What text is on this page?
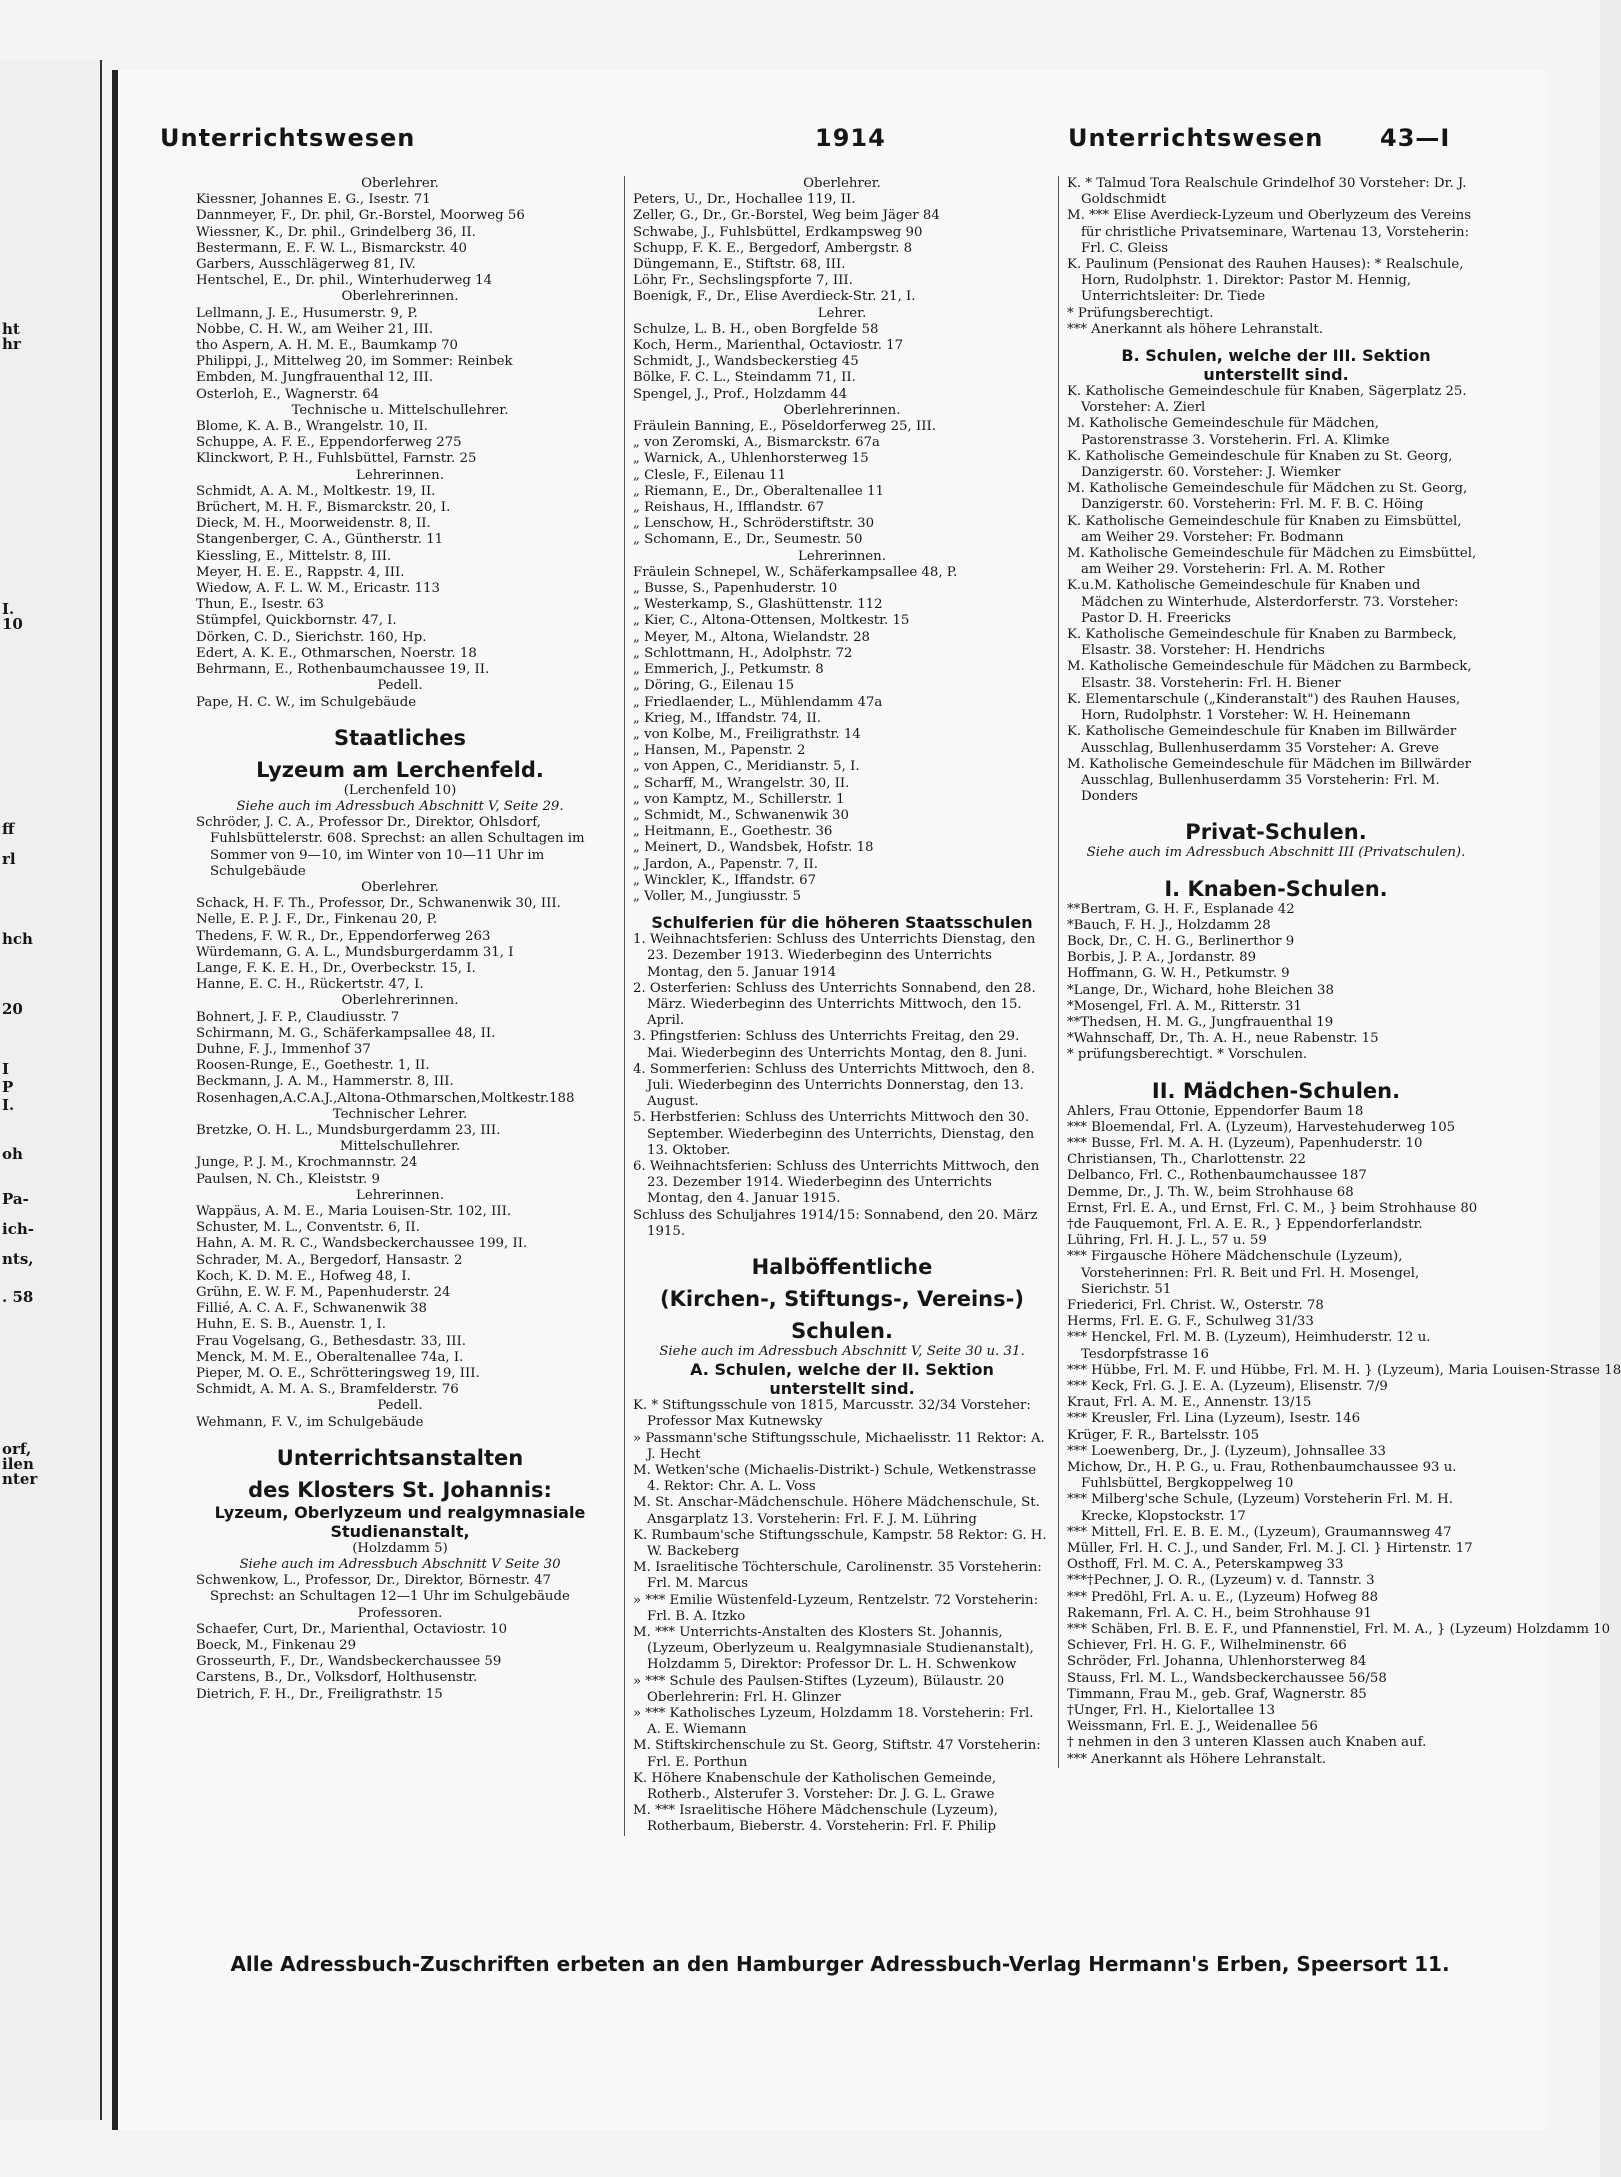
ht
hr
I.
10
ff
rl
hch
20
I
P
I.
oh
Pa-
ich-
nts,
. 58
orf,
ilen
nter
Unterrichtswesen	1914	Unterrichtswesen 43—I
Oberlehrer.
Kiessner, Johannes E. G., Isestr. 71
Dannmeyer, F., Dr. phil, Gr.-Borstel, Moorweg 56
Wiessner, K., Dr. phil., Grindelberg 36, II.
Bestermann, E. F. W. L., Bismarckstr. 40
Garbers, Ausschlägerweg 81, IV.
Hentschel, E., Dr. phil., Winterhuderweg 14
Oberlehrerinnen.
Lellmann, J. E., Husumerstr. 9, P.
Nobbe, C. H. W., am Weiher 21, III.
tho Aspern, A. H. M. E., Baumkamp 70
Philippi, J., Mittelweg 20, im Sommer: Reinbek
Embden, M. Jungfrauenthal 12, III.
Osterloh, E., Wagnerstr. 64
Technische u. Mittelschullehrer.
Blome, K. A. B., Wrangelstr. 10, II.
Schuppe, A. F. E., Eppendorferweg 275
Klinckwort, P. H., Fuhlsbüttel, Farnstr. 25
Lehrerinnen.
Schmidt, A. A. M., Moltkestr. 19, II.
Brüchert, M. H. F., Bismarckstr. 20, I.
Dieck, M. H., Moorweidenstr. 8, II.
Stangenberger, C. A., Güntherstr. 11
Kiessling, E., Mittelstr. 8, III.
Meyer, H. E. E., Rappstr. 4, III.
Wiedow, A. F. L. W. M., Ericastr. 113
Thun, E., Isestr. 63
Stümpfel, Quickbornstr. 47, I.
Dörken, C. D., Sierichstr. 160, Hp.
Edert, A. K. E., Othmarschen, Noerstr. 18
Behrmann, E., Rothenbaumchaussee 19, II.
Pedell.
Pape, H. C. W., im Schulgebäude
Staatliches
Lyzeum am Lerchenfeld.
(Lerchenfeld 10)
Siehe auch im Adressbuch Abschnitt V, Seite 29.
Schröder, J. C. A., Professor Dr., Direktor, Ohlsdorf, Fuhlsbüttelerstr. 608. Sprechst: an allen Schultagen im Sommer von 9—10, im Winter von 10—11 Uhr im Schulgebäude
Oberlehrer.
Schack, H. F. Th., Professor, Dr., Schwanenwik 30, III.
Nelle, E. P. J. F., Dr., Finkenau 20, P.
Thedens, F. W. R., Dr., Eppendorferweg 263
Würdemann, G. A. L., Mundsburgerdamm 31, I
Lange, F. K. E. H., Dr., Overbeckstr. 15, I.
Hanne, E. C. H., Rückertstr. 47, I.
Oberlehrerinnen.
Bohnert, J. F. P., Claudiusstr. 7
Schirmann, M. G., Schäferkampsallee 48, II.
Duhne, F. J., Immenhof 37
Roosen-Runge, E., Goethestr. 1, II.
Beckmann, J. A. M., Hammerstr. 8, III.
Rosenhagen,A.C.A.J.,Altona-Othmarschen,Moltkestr.188
Technischer Lehrer.
Bretzke, O. H. L., Mundsburgerdamm 23, III.
Mittelschullehrer.
Junge, P. J. M., Krochmannstr. 24
Paulsen, N. Ch., Kleiststr. 9
Lehrerinnen.
Wappäus, A. M. E., Maria Louisen-Str. 102, III.
Schuster, M. L., Conventstr. 6, II.
Hahn, A. M. R. C., Wandsbeckerchaussee 199, II.
Schrader, M. A., Bergedorf, Hansastr. 2
Koch, K. D. M. E., Hofweg 48, I.
Grühn, E. W. F. M., Papenhuderstr. 24
Fillié, A. C. A. F., Schwanenwik 38
Huhn, E. S. B., Auenstr. 1, I.
Frau Vogelsang, G., Bethesdastr. 33, III.
Menck, M. M. E., Oberaltenallee 74a, I.
Pieper, M. O. E., Schrötteringsweg 19, III.
Schmidt, A. M. A. S., Bramfelderstr. 76
Pedell.
Wehmann, F. V., im Schulgebäude
Unterrichtsanstalten
des Klosters St. Johannis:
Lyzeum, Oberlyzeum und realgymnasiale
Studienanstalt,
(Holzdamm 5)
Siehe auch im Adressbuch Abschnitt V Seite 30
Schwenkow, L., Professor, Dr., Direktor, Börnestr. 47 Sprechst: an Schultagen 12—1 Uhr im Schulgebäude
Professoren.
Schaefer, Curt, Dr., Marienthal, Octaviostr. 10
Boeck, M., Finkenau 29
Grosseurth, F., Dr., Wandsbeckerchaussee 59
Carstens, B., Dr., Volksdorf, Holthusenstr.
Dietrich, F. H., Dr., Freiligrathstr. 15
Oberlehrer.
Peters, U., Dr., Hochallee 119, II.
Zeller, G., Dr., Gr.-Borstel, Weg beim Jäger 84
Schwabe, J., Fuhlsbüttel, Erdkampsweg 90
Schupp, F. K. E., Bergedorf, Ambergstr. 8
Düngemann, E., Stiftstr. 68, III.
Löhr, Fr., Sechslingspforte 7, III.
Boenigk, F., Dr., Elise Averdieck-Str. 21, I.
Lehrer.
Schulze, L. B. H., oben Borgfelde 58
Koch, Herm., Marienthal, Octaviostr. 17
Schmidt, J., Wandsbeckerstieg 45
Bölke, F. C. L., Steindamm 71, II.
Spengel, J., Prof., Holzdamm 44
Oberlehrerinnen.
Fräulein Banning, E., Pöseldorferweg 25, III.
„ von Zeromski, A., Bismarckstr. 67a
„ Warnick, A., Uhlenhorsterweg 15
„ Clesle, F., Eilenau 11
„ Riemann, E., Dr., Oberaltenallee 11
„ Reishaus, H., Ifflandstr. 67
„ Lenschow, H., Schröderstiftstr. 30
„ Schomann, E., Dr., Seumestr. 50
Lehrerinnen.
Fräulein Schnepel, W., Schäferkampsallee 48, P.
„ Busse, S., Papenhuderstr. 10
„ Westerkamp, S., Glashüttenstr. 112
„ Kier, C., Altona-Ottensen, Moltkestr. 15
„ Meyer, M., Altona, Wielandstr. 28
„ Schlottmann, H., Adolphstr. 72
„ Emmerich, J., Petkumstr. 8
„ Döring, G., Eilenau 15
„ Friedlaender, L., Mühlendamm 47a
„ Krieg, M., Iffandstr. 74, II.
„ von Kolbe, M., Freiligrathstr. 14
„ Hansen, M., Papenstr. 2
„ von Appen, C., Meridianstr. 5, I.
„ Scharff, M., Wrangelstr. 30, II.
„ von Kamptz, M., Schillerstr. 1
„ Schmidt, M., Schwanenwik 30
„ Heitmann, E., Goethestr. 36
„ Meinert, D., Wandsbek, Hofstr. 18
„ Jardon, A., Papenstr. 7, II.
„ Winckler, K., Iffandstr. 67
„ Voller, M., Jungiusstr. 5
Schulferien für die höheren Staatsschulen
1. Weihnachtsferien: Schluss des Unterrichts Dienstag, den 23. Dezember 1913. Wiederbeginn des Unterrichts Montag, den 5. Januar 1914
2. Osterferien: Schluss des Unterrichts Sonnabend, den 28. März. Wiederbeginn des Unterrichts Mittwoch, den 15. April.
3. Pfingstferien: Schluss des Unterrichts Freitag, den 29. Mai. Wiederbeginn des Unterrichts Montag, den 8. Juni.
4. Sommerferien: Schluss des Unterrichts Mittwoch, den 8. Juli. Wiederbeginn des Unterrichts Donnerstag, den 13. August.
5. Herbstferien: Schluss des Unterrichts Mittwoch den 30. September. Wiederbeginn des Unterrichts, Dienstag, den 13. Oktober.
6. Weihnachtsferien: Schluss des Unterrichts Mittwoch, den 23. Dezember 1914. Wiederbeginn des Unterrichts Montag, den 4. Januar 1915.
Schluss des Schuljahres 1914/15: Sonnabend, den 20. März 1915.
Halböffentliche
(Kirchen-, Stiftungs-, Vereins-)
Schulen.
Siehe auch im Adressbuch Abschnitt V, Seite 30 u. 31.
A. Schulen, welche der II. Sektion
unterstellt sind.
K. * Stiftungsschule von 1815, Marcusstr. 32/34 Vorsteher: Professor Max Kutnewsky
» Passmann'sche Stiftungsschule, Michaelisstr. 11 Rektor: A. J. Hecht
M. Wetken'sche (Michaelis-Distrikt-) Schule, Wetkenstrasse 4. Rektor: Chr. A. L. Voss
M. St. Anschar-Mädchenschule. Höhere Mädchenschule, St. Ansgarplatz 13. Vorsteherin: Frl. F. J. M. Lühring
K. Rumbaum'sche Stiftungsschule, Kampstr. 58 Rektor: G. H. W. Backeberg
M. Israelitische Töchterschule, Carolinenstr. 35 Vorsteherin: Frl. M. Marcus
» *** Emilie Wüstenfeld-Lyzeum, Rentzelstr. 72 Vorsteherin: Frl. B. A. Itzko
M. *** Unterrichts-Anstalten des Klosters St. Johannis, (Lyzeum, Oberlyzeum u. Realgymnasiale Studienanstalt), Holzdamm 5, Direktor: Professor Dr. L. H. Schwenkow
» *** Schule des Paulsen-Stiftes (Lyzeum), Bülaustr. 20 Oberlehrerin: Frl. H. Glinzer
» *** Katholisches Lyzeum, Holzdamm 18. Vorsteherin: Frl. A. E. Wiemann
M. Stiftskirchenschule zu St. Georg, Stiftstr. 47 Vorsteherin: Frl. E. Porthun
K. Höhere Knabenschule der Katholischen Gemeinde, Rotherb., Alsterufer 3. Vorsteher: Dr. J. G. L. Grawe
M. *** Israelitische Höhere Mädchenschule (Lyzeum), Rotherbaum, Bieberstr. 4. Vorsteherin: Frl. F. Philip
K. * Talmud Tora Realschule Grindelhof 30 Vorsteher: Dr. J. Goldschmidt
M. *** Elise Averdieck-Lyzeum und Oberlyzeum des Vereins für christliche Privatseminare, Wartenau 13, Vorsteherin: Frl. C. Gleiss
K. Paulinum (Pensionat des Rauhen Hauses): * Realschule, Horn, Rudolphstr. 1. Direktor: Pastor M. Hennig, Unterrichtsleiter: Dr. Tiede
* Prüfungsberechtigt.
*** Anerkannt als höhere Lehranstalt.
B. Schulen, welche der III. Sektion
unterstellt sind.
K. Katholische Gemeindeschule für Knaben, Sägerplatz 25. Vorsteher: A. Zierl
M. Katholische Gemeindeschule für Mädchen, Pastorenstrasse 3. Vorsteherin. Frl. A. Klimke
K. Katholische Gemeindeschule für Knaben zu St. Georg, Danzigerstr. 60. Vorsteher: J. Wiemker
M. Katholische Gemeindeschule für Mädchen zu St. Georg, Danzigerstr. 60. Vorsteherin: Frl. M. F. B. C. Höing
K. Katholische Gemeindeschule für Knaben zu Eimsbüttel, am Weiher 29. Vorsteher: Fr. Bodmann
M. Katholische Gemeindeschule für Mädchen zu Eimsbüttel, am Weiher 29. Vorsteherin: Frl. A. M. Rother
K.u.M. Katholische Gemeindeschule für Knaben und Mädchen zu Winterhude, Alsterdorferstr. 73. Vorsteher: Pastor D. H. Freericks
K. Katholische Gemeindeschule für Knaben zu Barmbeck, Elsastr. 38. Vorsteher: H. Hendrichs
M. Katholische Gemeindeschule für Mädchen zu Barmbeck, Elsastr. 38. Vorsteherin: Frl. H. Biener
K. Elementarschule („Kinderanstalt") des Rauhen Hauses, Horn, Rudolphstr. 1 Vorsteher: W. H. Heinemann
K. Katholische Gemeindeschule für Knaben im Billwärder Ausschlag, Bullenhuserdamm 35 Vorsteher: A. Greve
M. Katholische Gemeindeschule für Mädchen im Billwärder Ausschlag, Bullenhuserdamm 35 Vorsteherin: Frl. M. Donders
Privat-Schulen.
Siehe auch im Adressbuch Abschnitt III (Privatschulen).
I. Knaben-Schulen.
**Bertram, G. H. F., Esplanade 42
*Bauch, F. H. J., Holzdamm 28
Bock, Dr., C. H. G., Berlinerthor 9
Borbis, J. P. A., Jordanstr. 89
Hoffmann, G. W. H., Petkumstr. 9
*Lange, Dr., Wichard, hohe Bleichen 38
*Mosengel, Frl. A. M., Ritterstr. 31
**Thedsen, H. M. G., Jungfrauenthal 19
*Wahnschaff, Dr., Th. A. H., neue Rabenstr. 15
* prüfungsberechtigt. * Vorschulen.
II. Mädchen-Schulen.
Ahlers, Frau Ottonie, Eppendorfer Baum 18
*** Bloemendal, Frl. A. (Lyzeum), Harvestehuderweg 105
*** Busse, Frl. M. A. H. (Lyzeum), Papenhuderstr. 10
Christiansen, Th., Charlottenstr. 22
Delbanco, Frl. C., Rothenbaumchaussee 187
Demme, Dr., J. Th. W., beim Strohhause 68
Ernst, Frl. E. A., und Ernst, Frl. C. M., } beim Strohhause 80
†de Fauquemont, Frl. A. E. R., } Eppendorferlandstr.
Lühring, Frl. H. J. L., 57 u. 59
*** Firgausche Höhere Mädchenschule (Lyzeum), Vorsteherinnen: Frl. R. Beit und Frl. H. Mosengel, Sierichstr. 51
Friederici, Frl. Christ. W., Osterstr. 78
Herms, Frl. E. G. F., Schulweg 31/33
*** Henckel, Frl. M. B. (Lyzeum), Heimhuderstr. 12 u. Tesdorpfstrasse 16
*** Hübbe, Frl. M. F. und Hübbe, Frl. M. H. } (Lyzeum), Maria Louisen-Strasse 18
*** Keck, Frl. G. J. E. A. (Lyzeum), Elisenstr. 7/9
Kraut, Frl. A. M. E., Annenstr. 13/15
*** Kreusler, Frl. Lina (Lyzeum), Isestr. 146
Krüger, F. R., Bartelsstr. 105
*** Loewenberg, Dr., J. (Lyzeum), Johnsallee 33
Michow, Dr., H. P. G., u. Frau, Rothenbaumchaussee 93 u. Fuhlsbüttel, Bergkoppelweg 10
*** Milberg'sche Schule, (Lyzeum) Vorsteherin Frl. M. H. Krecke, Klopstockstr. 17
*** Mittell, Frl. E. B. E. M., (Lyzeum), Graumannsweg 47
Müller, Frl. H. C. J., und Sander, Frl. M. J. Cl. } Hirtenstr. 17
Osthoff, Frl. M. C. A., Peterskampweg 33
***†Pechner, J. O. R., (Lyzeum) v. d. Tannstr. 3
*** Predöhl, Frl. A. u. E., (Lyzeum) Hofweg 88
Rakemann, Frl. A. C. H., beim Strohhause 91
*** Schäben, Frl. B. E. F., und Pfannenstiel, Frl. M. A., } (Lyzeum) Holzdamm 10
Schiever, Frl. H. G. F., Wilhelminenstr. 66
Schröder, Frl. Johanna, Uhlenhorsterweg 84
Stauss, Frl. M. L., Wandsbeckerchaussee 56/58
Timmann, Frau M., geb. Graf, Wagnerstr. 85
†Unger, Frl. H., Kielortallee 13
Weissmann, Frl. E. J., Weidenallee 56
† nehmen in den 3 unteren Klassen auch Knaben auf.
*** Anerkannt als Höhere Lehranstalt.
Alle Adressbuch-Zuschriften erbeten an den Hamburger Adressbuch-Verlag Hermann's Erben, Speersort 11.
